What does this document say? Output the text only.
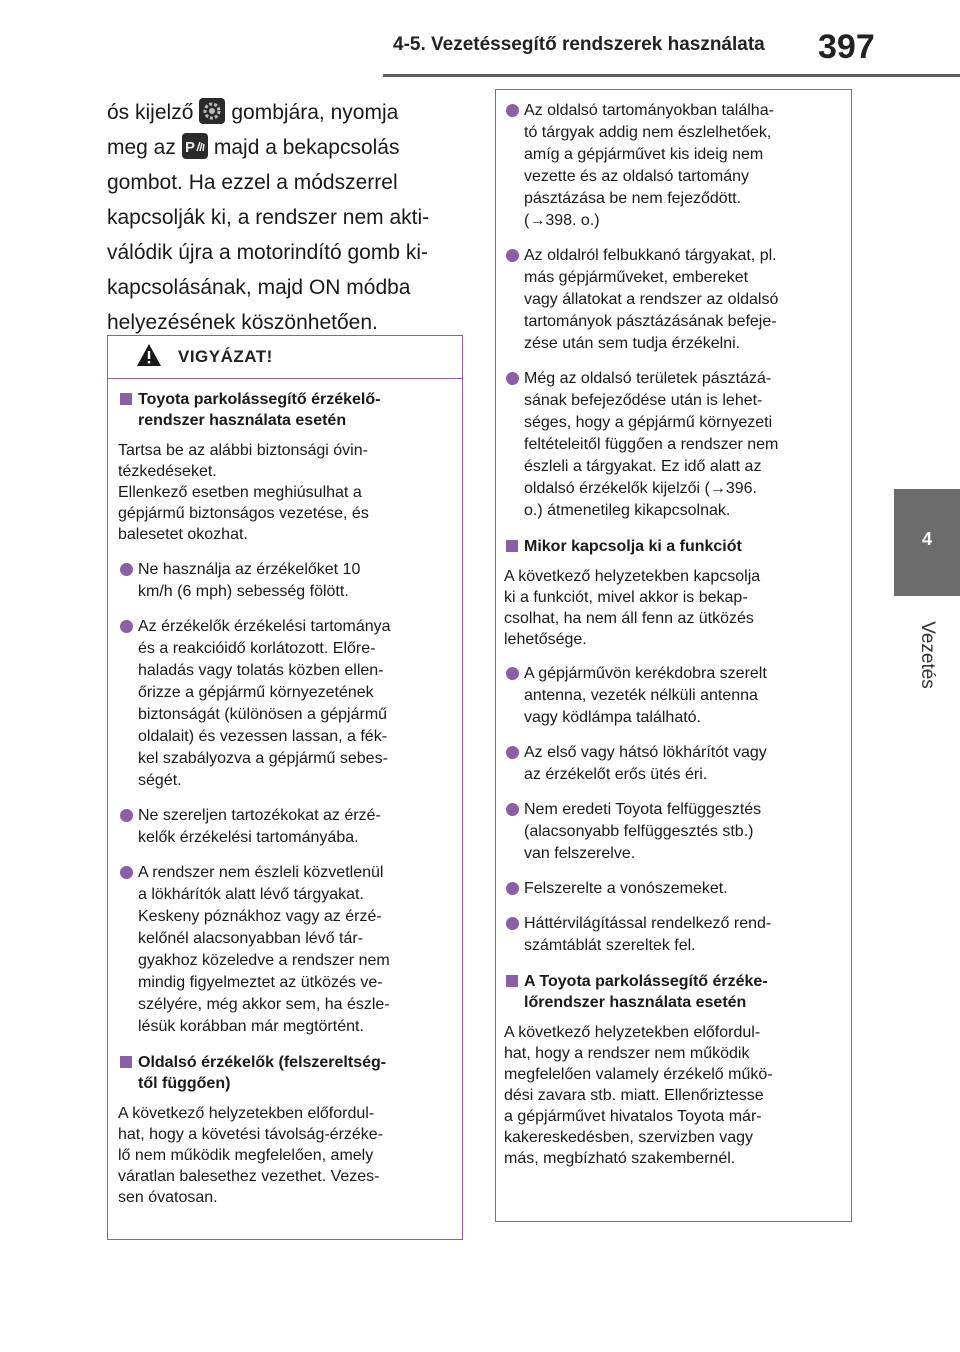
4-5. Vezetéssegítő rendszerek használata 397
4
Vezetés
ós kijelző gombjára, nyomja
meg az P majd a bekapcsolás
gombot. Ha ezzel a módszerrel
kapcsolják ki, a rendszer nem akti-
válódik újra a motorindító gomb ki-
kapcsolásának, majd ON módba
helyezésének köszönhetően.
VIGYÁZAT!
Toyota parkolássegítő érzékelő-
rendszer használata esetén
Tartsa be az alábbi biztonsági óvin-
tézkedéseket.
Ellenkező esetben meghiúsulhat a
gépjármű biztonságos vezetése, és
balesetet okozhat.
Ne használja az érzékelőket 10
km/h (6 mph) sebesség fölött.
Az érzékelők érzékelési tartománya
és a reakcióidő korlátozott. Előre-
haladás vagy tolatás közben ellen-
őrizze a gépjármű környezetének
biztonságát (különösen a gépjármű
oldalait) és vezessen lassan, a fék-
kel szabályozva a gépjármű sebes-
ségét.
Ne szereljen tartozékokat az érzé-
kelők érzékelési tartományába.
A rendszer nem észleli közvetlenül
a lökhárítók alatt lévő tárgyakat.
Keskeny póznákhoz vagy az érzé-
kelőnél alacsonyabban lévő tár-
gyakhoz közeledve a rendszer nem
mindig figyelmeztet az ütközés ve-
szélyére, még akkor sem, ha észle-
lésük korábban már megtörtént.
Oldalsó érzékelők (felszereltség-
től függően)
A következő helyzetekben előfordul-
hat, hogy a követési távolság-érzéke-
lő nem működik megfelelően, amely
váratlan balesethez vezethet. Vezes-
sen óvatosan.
Az oldalsó tartományokban találha-
tó tárgyak addig nem észlelhetőek,
amíg a gépjárművet kis ideig nem
vezette és az oldalsó tartomány
pásztázása be nem fejeződött.
(→398. o.)
Az oldalról felbukkanó tárgyakat, pl.
más gépjárműveket, embereket
vagy állatokat a rendszer az oldalsó
tartományok pásztázásának befeje-
zése után sem tudja érzékelni.
Még az oldalsó területek pásztázá-
sának befejeződése után is lehet-
séges, hogy a gépjármű környezeti
feltételeitől függően a rendszer nem
észleli a tárgyakat. Ez idő alatt az
oldalsó érzékelők kijelzői (→396.
o.) átmenetileg kikapcsolnak.
Mikor kapcsolja ki a funkciót
A következő helyzetekben kapcsolja
ki a funkciót, mivel akkor is bekap-
csolhat, ha nem áll fenn az ütközés
lehetősége.
A gépjárművön kerékdobra szerelt
antenna, vezeték nélküli antenna
vagy ködlámpa található.
Az első vagy hátsó lökhárítót vagy
az érzékelőt erős ütés éri.
Nem eredeti Toyota felfüggesztés
(alacsonyabb felfüggesztés stb.)
van felszerelve.
Felszerelte a vonószemeket.
Háttérvilágítással rendelkező rend-
számtáblát szereltek fel.
A Toyota parkolássegítő érzéke-
lőrendszer használata esetén
A következő helyzetekben előfordul-
hat, hogy a rendszer nem működik
megfelelően valamely érzékelő műkö-
dési zavara stb. miatt. Ellenőriztesse
a gépjárművet hivatalos Toyota már-
kakereskedésben, szervizben vagy
más, megbízható szakembernél.
